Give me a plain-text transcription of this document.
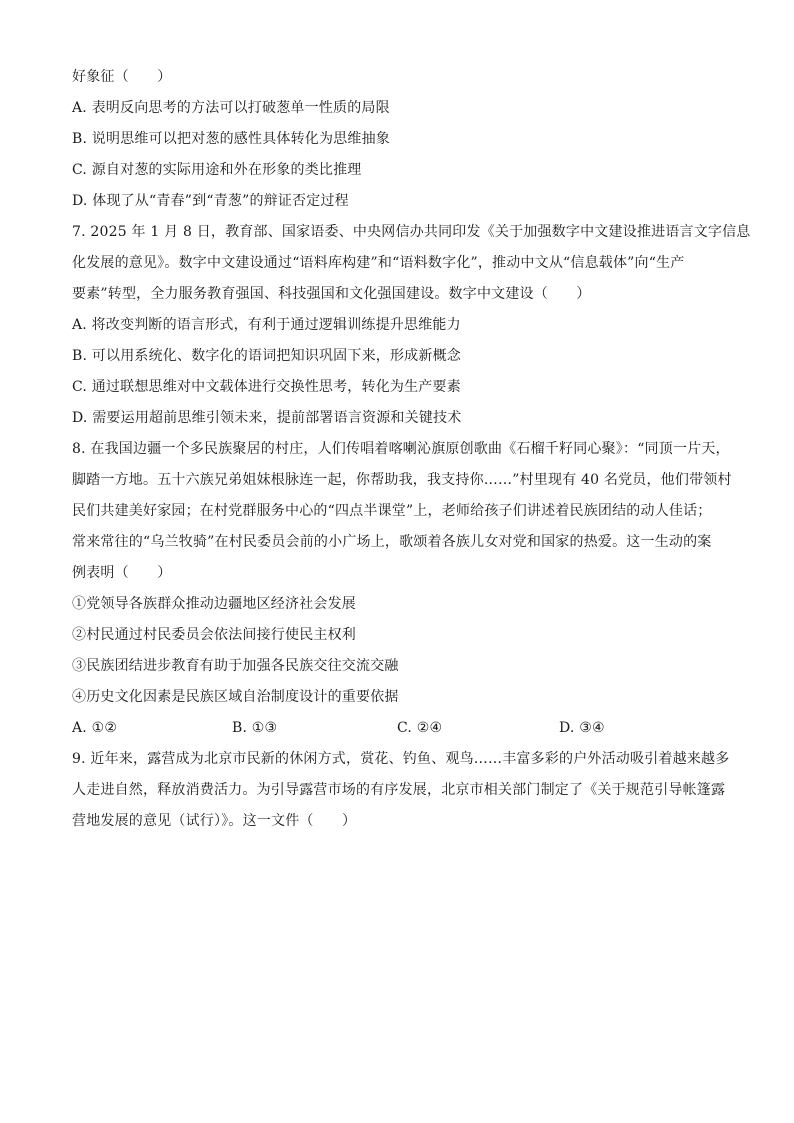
好象征（　　）
A. 表明反向思考的方法可以打破葱单一性质的局限
B. 说明思维可以把对葱的感性具体转化为思维抽象
C. 源自对葱的实际用途和外在形象的类比推理
D. 体现了从“青春”到“青葱”的辩证否定过程
7. 2025 年 1 月 8 日，教育部、国家语委、中央网信办共同印发《关于加强数字中文建设推进语言文字信息
化发展的意见》。数字中文建设通过“语料库构建”和“语料数字化”，推动中文从“信息载体”向“生产
要素”转型，全力服务教育强国、科技强国和文化强国建设。数字中文建设（　　）
A. 将改变判断的语言形式，有利于通过逻辑训练提升思维能力
B. 可以用系统化、数字化的语词把知识巩固下来，形成新概念
C. 通过联想思维对中文载体进行交换性思考，转化为生产要素
D. 需要运用超前思维引领未来，提前部署语言资源和关键技术
8. 在我国边疆一个多民族聚居的村庄，人们传唱着喀喇沁旗原创歌曲《石榴千籽同心聚》：“同顶一片天，
脚踏一方地。五十六族兄弟姐妹根脉连一起，你帮助我，我支持你……”村里现有 40 名党员，他们带领村
民们共建美好家园；在村党群服务中心的“四点半课堂”上，老师给孩子们讲述着民族团结的动人佳话；
常来常往的“乌兰牧骑”在村民委员会前的小广场上，歌颂着各族儿女对党和国家的热爱。这一生动的案
例表明（　　）
①党领导各族群众推动边疆地区经济社会发展
②村民通过村民委员会依法间接行使民主权利
③民族团结进步教育有助于加强各民族交往交流交融
④历史文化因素是民族区域自治制度设计的重要依据
A. ①②	B. ①③	C. ②④	D. ③④
9. 近年来，露营成为北京市民新的休闲方式，赏花、钓鱼、观鸟……丰富多彩的户外活动吸引着越来越多
人走进自然，释放消费活力。为引导露营市场的有序发展，北京市相关部门制定了《关于规范引导帐篷露
营地发展的意见（试行）》。这一文件（　　）
